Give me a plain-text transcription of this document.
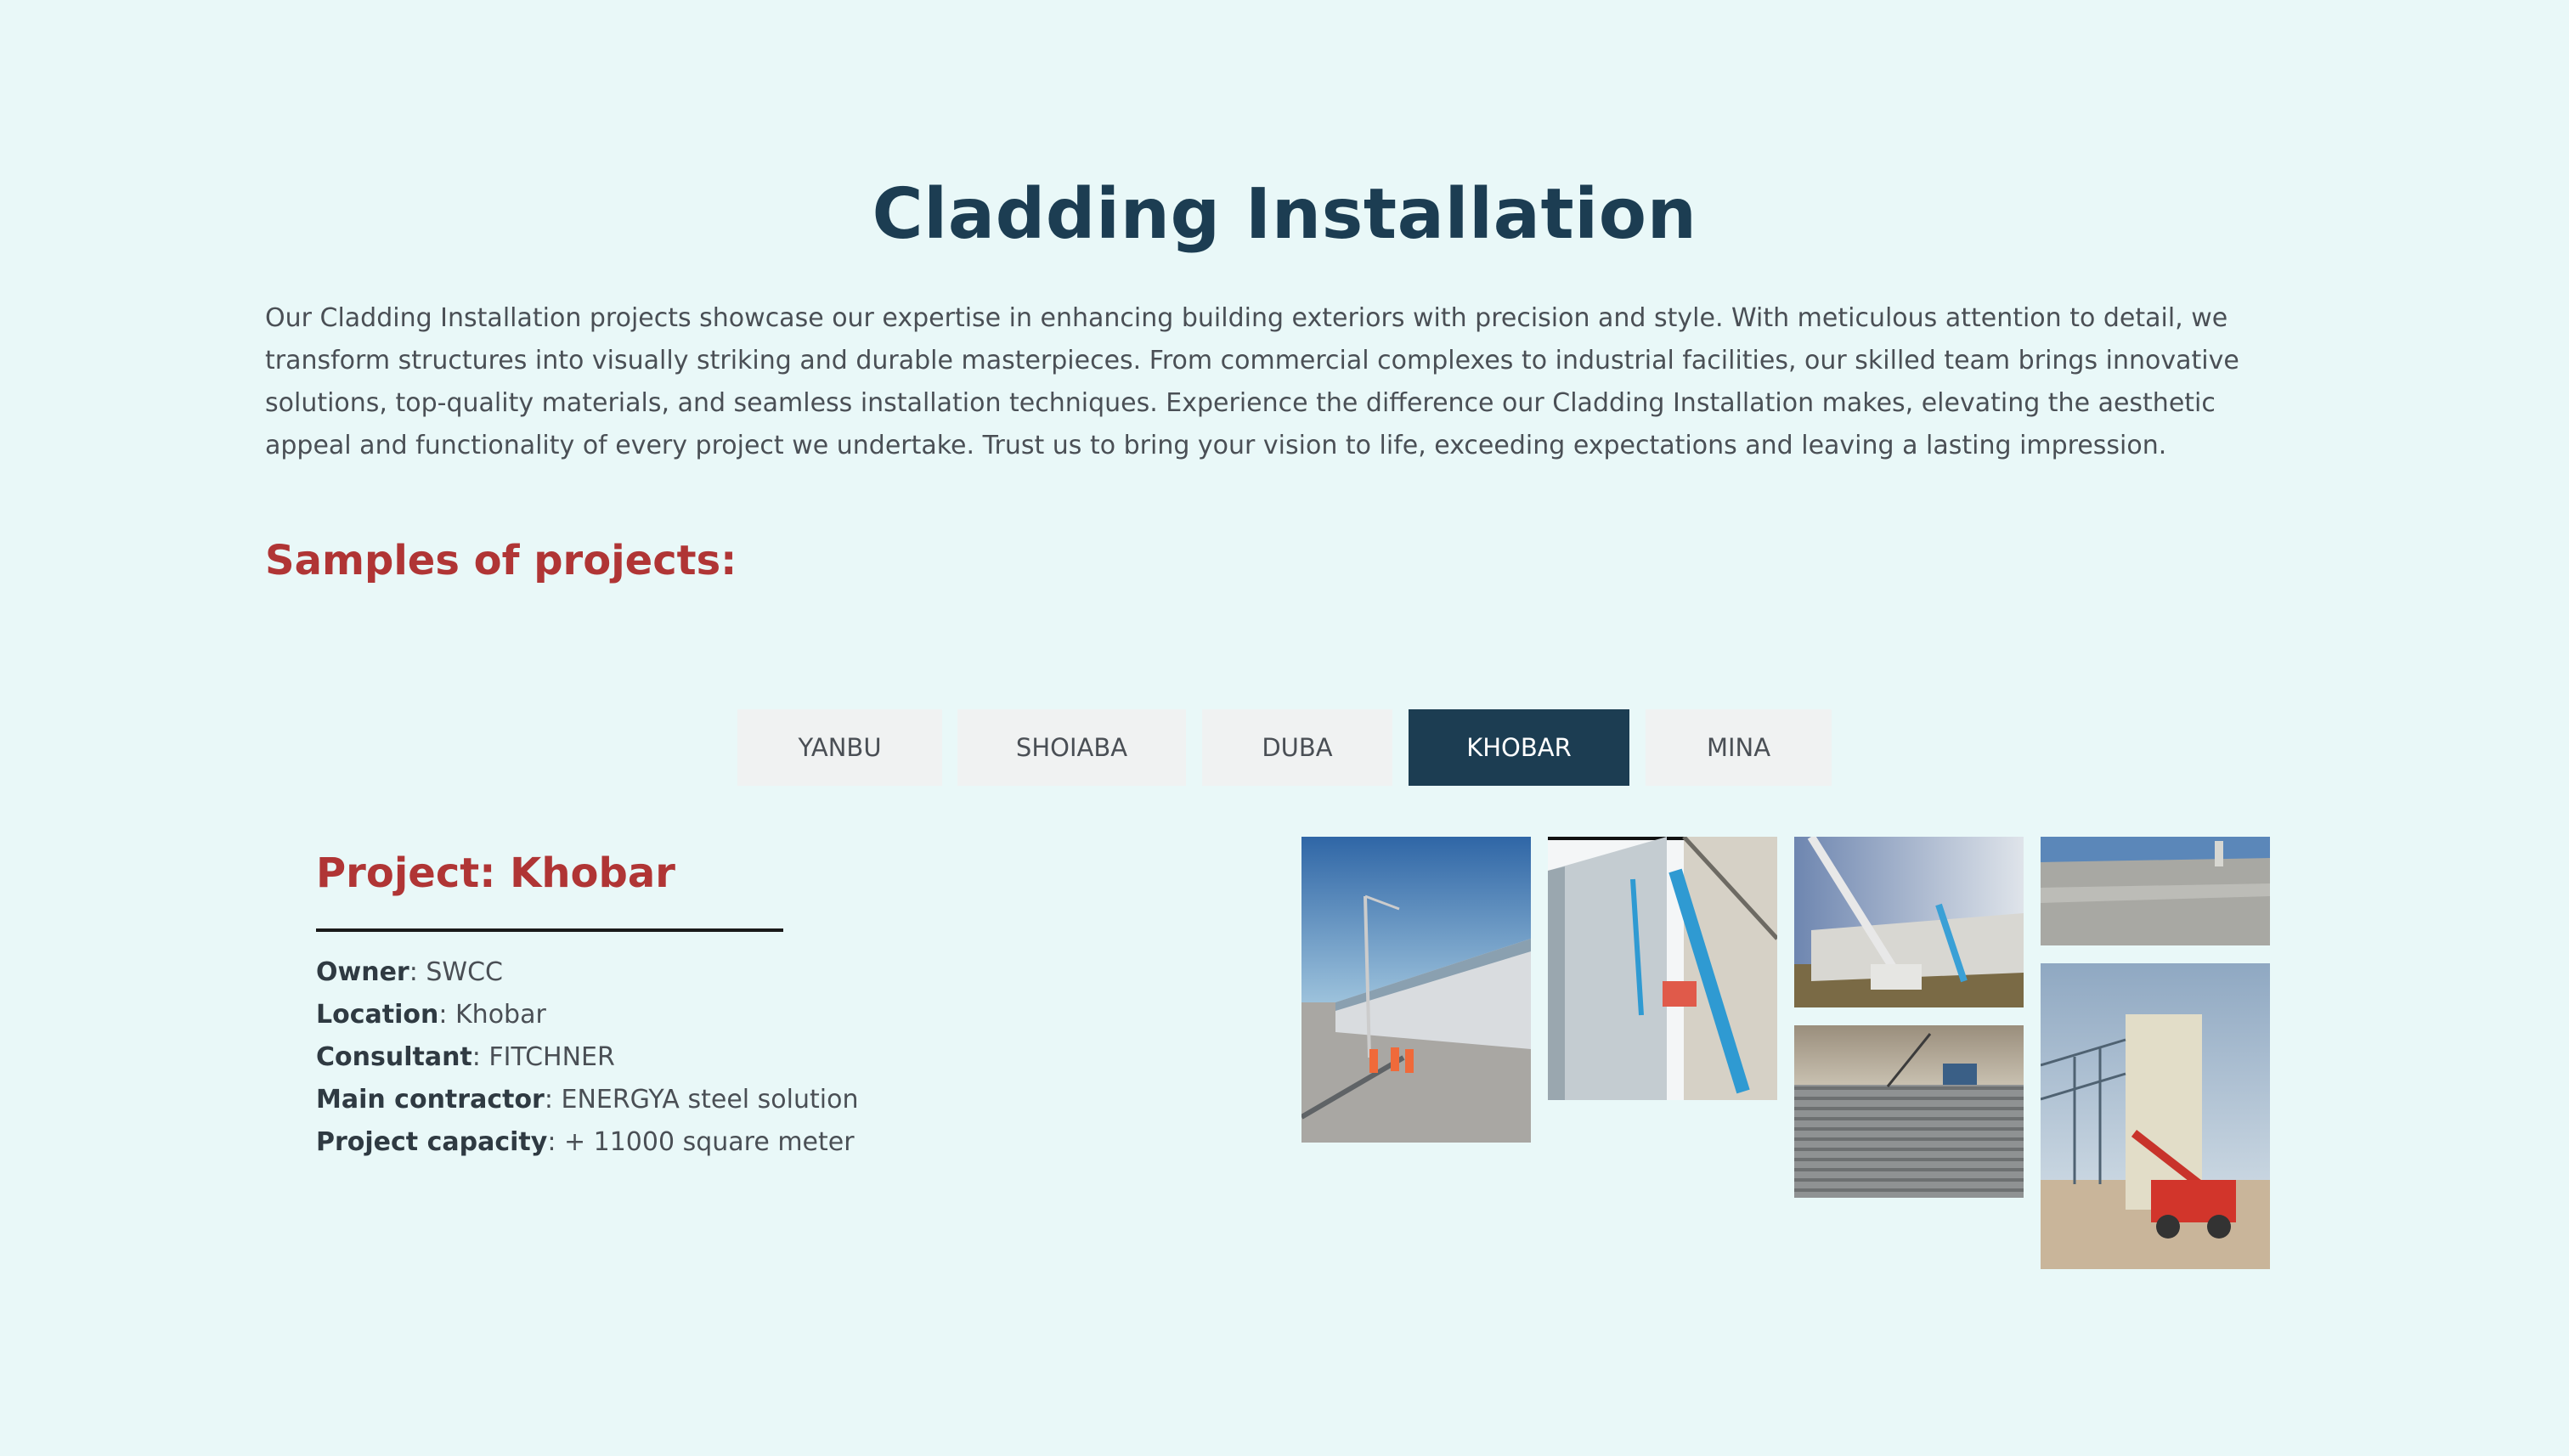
Cladding Installation

Our Cladding Installation projects showcase our expertise in enhancing building exteriors with precision and style. With meticulous attention to detail, we transform structures into visually striking and durable masterpieces. From commercial complexes to industrial facilities, our skilled team brings innovative solutions, top-quality materials, and seamless installation techniques. Experience the difference our Cladding Installation makes, elevating the aesthetic appeal and functionality of every project we undertake. Trust us to bring your vision to life, exceeding expectations and leaving a lasting impression.

Samples of projects:
YANBU	SHOIABA	DUBA	KHOBAR	MINA
Project: Khobar
Owner: SWCC
Location: Khobar
Consultant: FITCHNER
Main contractor: ENERGYA steel solution
Project capacity: + 11000 square meter
